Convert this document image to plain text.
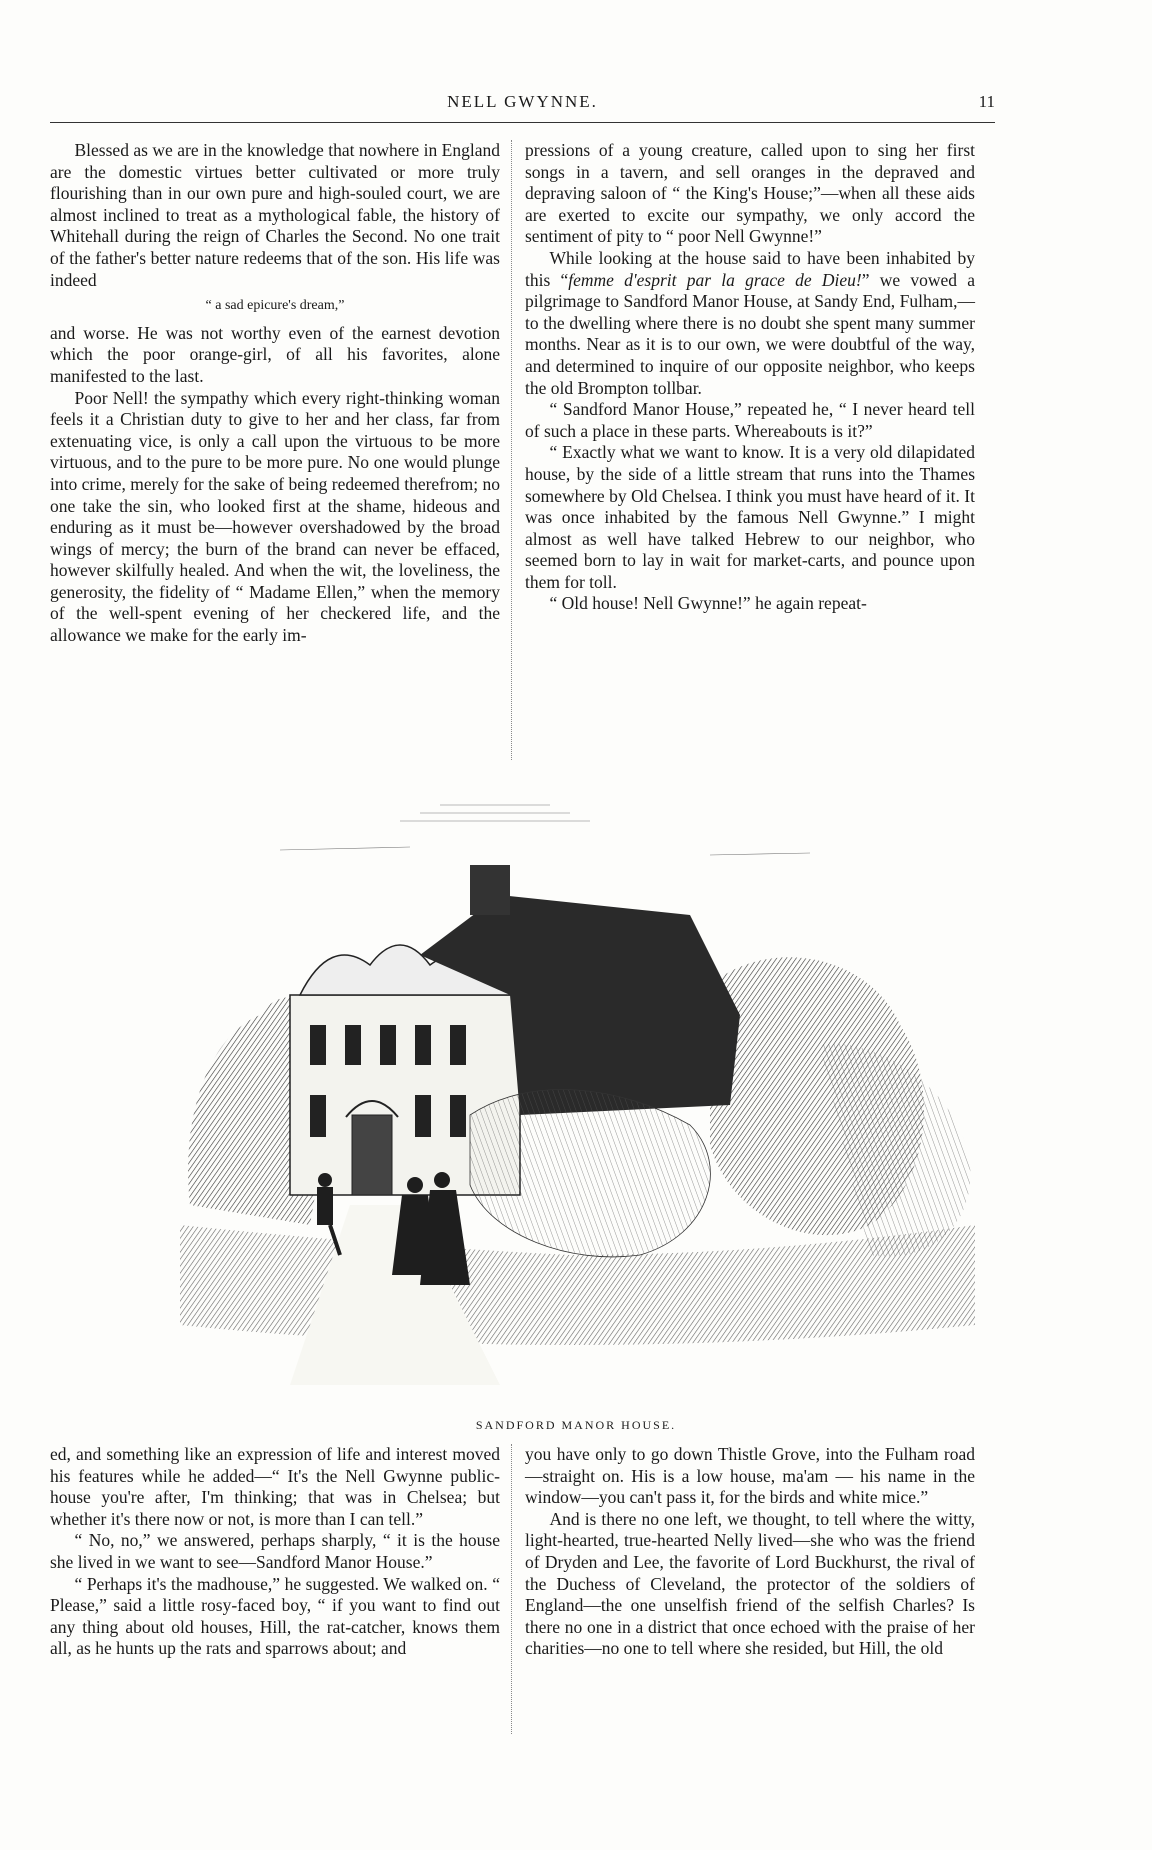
NELL GWYNNE.	11

Blessed as we are in the knowledge that nowhere in England are the domestic virtues better cultivated or more truly flourishing than in our own pure and high-souled court, we are almost inclined to treat as a mythological fable, the history of Whitehall during the reign of Charles the Second. No one trait of the father's better nature redeems that of the son. His life was indeed

“ a sad epicure's dream,”

and worse. He was not worthy even of the earnest devotion which the poor orange-girl, of all his favorites, alone manifested to the last.

Poor Nell! the sympathy which every right-thinking woman feels it a Christian duty to give to her and her class, far from extenuating vice, is only a call upon the virtuous to be more virtuous, and to the pure to be more pure. No one would plunge into crime, merely for the sake of being redeemed therefrom; no one take the sin, who looked first at the shame, hideous and enduring as it must be—however overshadowed by the broad wings of mercy; the burn of the brand can never be effaced, however skilfully healed. And when the wit, the loveliness, the generosity, the fidelity of “ Madame Ellen,” when the memory of the well-spent evening of her checkered life, and the allowance we make for the early im-

pressions of a young creature, called upon to sing her first songs in a tavern, and sell oranges in the depraved and depraving saloon of “ the King's House;”—when all these aids are exerted to excite our sympathy, we only accord the sentiment of pity to “ poor Nell Gwynne!”

While looking at the house said to have been inhabited by this “femme d'esprit par la grace de Dieu!” we vowed a pilgrimage to Sandford Manor House, at Sandy End, Fulham,—to the dwelling where there is no doubt she spent many summer months. Near as it is to our own, we were doubtful of the way, and determined to inquire of our opposite neighbor, who keeps the old Brompton tollbar.

“ Sandford Manor House,” repeated he, “ I never heard tell of such a place in these parts. Whereabouts is it?”

“ Exactly what we want to know. It is a very old dilapidated house, by the side of a little stream that runs into the Thames somewhere by Old Chelsea. I think you must have heard of it. It was once inhabited by the famous Nell Gwynne.” I might almost as well have talked Hebrew to our neighbor, who seemed born to lay in wait for market-carts, and pounce upon them for toll.

“ Old house! Nell Gwynne!” he again repeat-

SANDFORD MANOR HOUSE.

ed, and something like an expression of life and interest moved his features while he added—“ It's the Nell Gwynne public-house you're after, I'm thinking; that was in Chelsea; but whether it's there now or not, is more than I can tell.”

“ No, no,” we answered, perhaps sharply, “ it is the house she lived in we want to see—Sandford Manor House.”

“ Perhaps it's the madhouse,” he suggested. We walked on. “ Please,” said a little rosy-faced boy, “ if you want to find out any thing about old houses, Hill, the rat-catcher, knows them all, as he hunts up the rats and sparrows about; and

you have only to go down Thistle Grove, into the Fulham road—straight on. His is a low house, ma'am — his name in the window—you can't pass it, for the birds and white mice.”

And is there no one left, we thought, to tell where the witty, light-hearted, true-hearted Nelly lived—she who was the friend of Dryden and Lee, the favorite of Lord Buckhurst, the rival of the Duchess of Cleveland, the protector of the soldiers of England—the one unselfish friend of the selfish Charles? Is there no one in a district that once echoed with the praise of her charities—no one to tell where she resided, but Hill, the old
